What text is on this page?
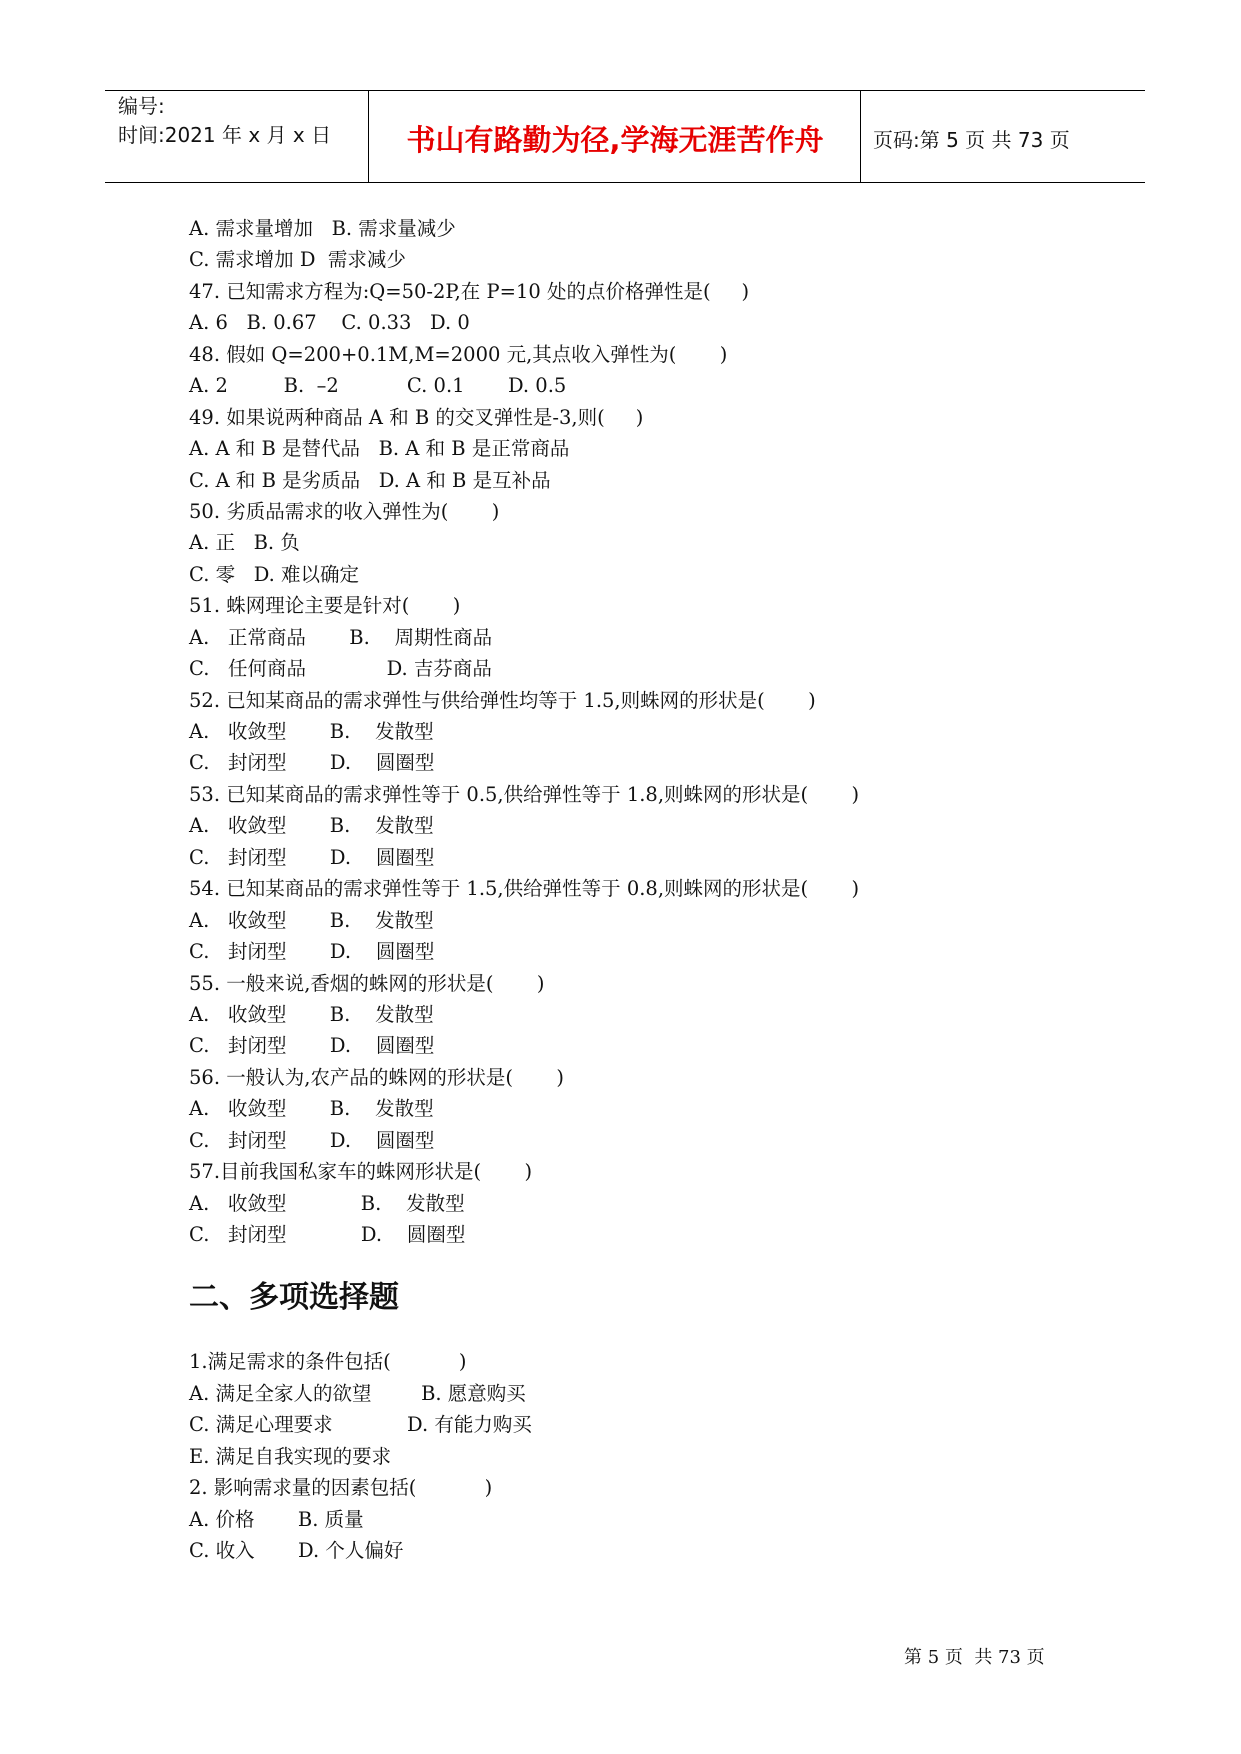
编号:
时间:2021 年 x 月 x 日	书山有路勤为径,学海无涯苦作舟	页码:第 5 页 共 73 页
A. 需求量增加   B. 需求量减少
C. 需求增加 D  需求减少
47. 已知需求方程为:Q=50-2P,在 P=10 处的点价格弹性是(     )
A. 6   B. 0.67    C. 0.33   D. 0
48. 假如 Q=200+0.1M,M=2000 元,其点收入弹性为(       )
A. 2         B.  –2           C. 0.1       D. 0.5
49. 如果说两种商品 A 和 B 的交叉弹性是-3,则(     )
A. A 和 B 是替代品   B. A 和 B 是正常商品
C. A 和 B 是劣质品   D. A 和 B 是互补品
50. 劣质品需求的收入弹性为(       )
A. 正   B. 负
C. 零   D. 难以确定
51. 蛛网理论主要是针对(       )
A.   正常商品       B.    周期性商品
C.   任何商品             D. 吉芬商品
52. 已知某商品的需求弹性与供给弹性均等于 1.5,则蛛网的形状是(       )
A.   收敛型       B.    发散型
C.   封闭型       D.    圆圈型
53. 已知某商品的需求弹性等于 0.5,供给弹性等于 1.8,则蛛网的形状是(       )
A.   收敛型       B.    发散型
C.   封闭型       D.    圆圈型
54. 已知某商品的需求弹性等于 1.5,供给弹性等于 0.8,则蛛网的形状是(       )
A.   收敛型       B.    发散型
C.   封闭型       D.    圆圈型
55. 一般来说,香烟的蛛网的形状是(       )
A.   收敛型       B.    发散型
C.   封闭型       D.    圆圈型
56. 一般认为,农产品的蛛网的形状是(       )
A.   收敛型       B.    发散型
C.   封闭型       D.    圆圈型
57.目前我国私家车的蛛网形状是(       )
A.   收敛型            B.    发散型
C.   封闭型            D.    圆圈型
二、多项选择题
1.满足需求的条件包括(           )
A. 满足全家人的欲望        B. 愿意购买
C. 满足心理要求            D. 有能力购买
E. 满足自我实现的要求
2. 影响需求量的因素包括(           )
A. 价格       B. 质量
C. 收入       D. 个人偏好
第 5 页  共 73 页
